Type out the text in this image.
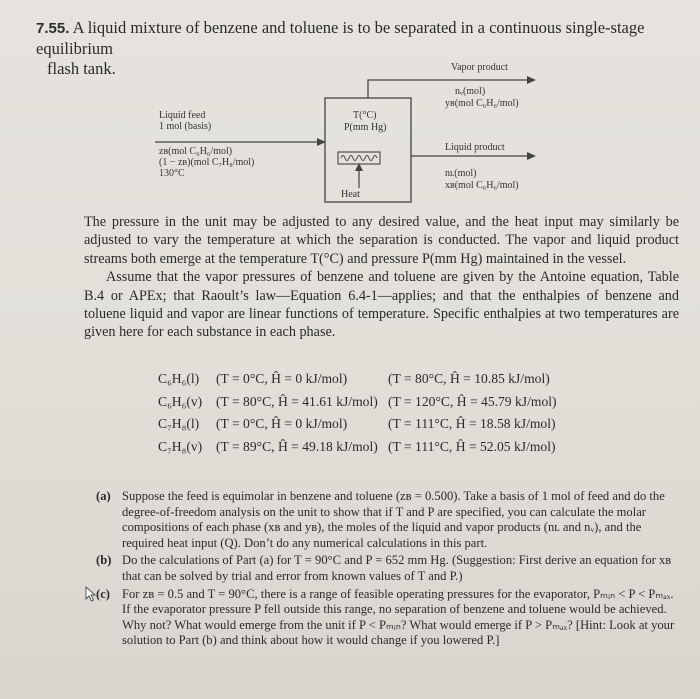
7.55. A liquid mixture of benzene and toluene is to be separated in a continuous single-stage equilibrium
flash tank.	Vapor product
nᵥ(mol)
yʙ(mol C₆H₆/mol)
Liquid feed
1 mol (basis)
zʙ(mol C₆H₆/mol)
(1 − zʙ)(mol C₇H₈/mol)
130°C
T(°C)
P(mm Hg)
Liquid product
nʟ(mol)
xʙ(mol C₆H₆/mol)
Heat

The pressure in the unit may be adjusted to any desired value, and the heat input may similarly be adjusted to vary the temperature at which the separation is conducted. The vapor and liquid product streams both emerge at the temperature T(°C) and pressure P(mm Hg) maintained in the vessel.

Assume that the vapor pressures of benzene and toluene are given by the Antoine equation, Table B.4 or APEx; that Raoult’s law—Equation 6.4-1—applies; and that the enthalpies of benzene and toluene liquid and vapor are linear functions of temperature. Specific enthalpies at two temperatures are given here for each substance in each phase.

C₆H₆(l) (T = 0°C, Ĥ = 0 kJ/mol)	(T = 80°C, Ĥ = 10.85 kJ/mol)
C₆H₆(v) (T = 80°C, Ĥ = 41.61 kJ/mol) (T = 120°C, Ĥ = 45.79 kJ/mol)
C₇H₈(l) (T = 0°C, Ĥ = 0 kJ/mol)	(T = 111°C, Ĥ = 18.58 kJ/mol)
C₇H₈(v) (T = 89°C, Ĥ = 49.18 kJ/mol) (T = 111°C, Ĥ = 52.05 kJ/mol)
(a) Suppose the feed is equimolar in benzene and toluene (zʙ = 0.500). Take a basis of 1 mol of feed and do the degree-of-freedom analysis on the unit to show that if T and P are specified, you can calculate the molar compositions of each phase (xʙ and yʙ), the moles of the liquid and vapor products (nʟ and nᵥ), and the required heat input (Q). Don’t do any numerical calculations in this part.
(b) Do the calculations of Part (a) for T = 90°C and P = 652 mm Hg. (Suggestion: First derive an equation for xʙ that can be solved by trial and error from known values of T and P.)
(c) For zʙ = 0.5 and T = 90°C, there is a range of feasible operating pressures for the evaporator, Pₘᵢₙ < P < Pₘₐₓ. If the evaporator pressure P fell outside this range, no separation of benzene and toluene would be achieved. Why not? What would emerge from the unit if P < Pₘᵢₙ? What would emerge if P > Pₘₐₓ? [Hint: Look at your solution to Part (b) and think about how it would change if you lowered P.]
